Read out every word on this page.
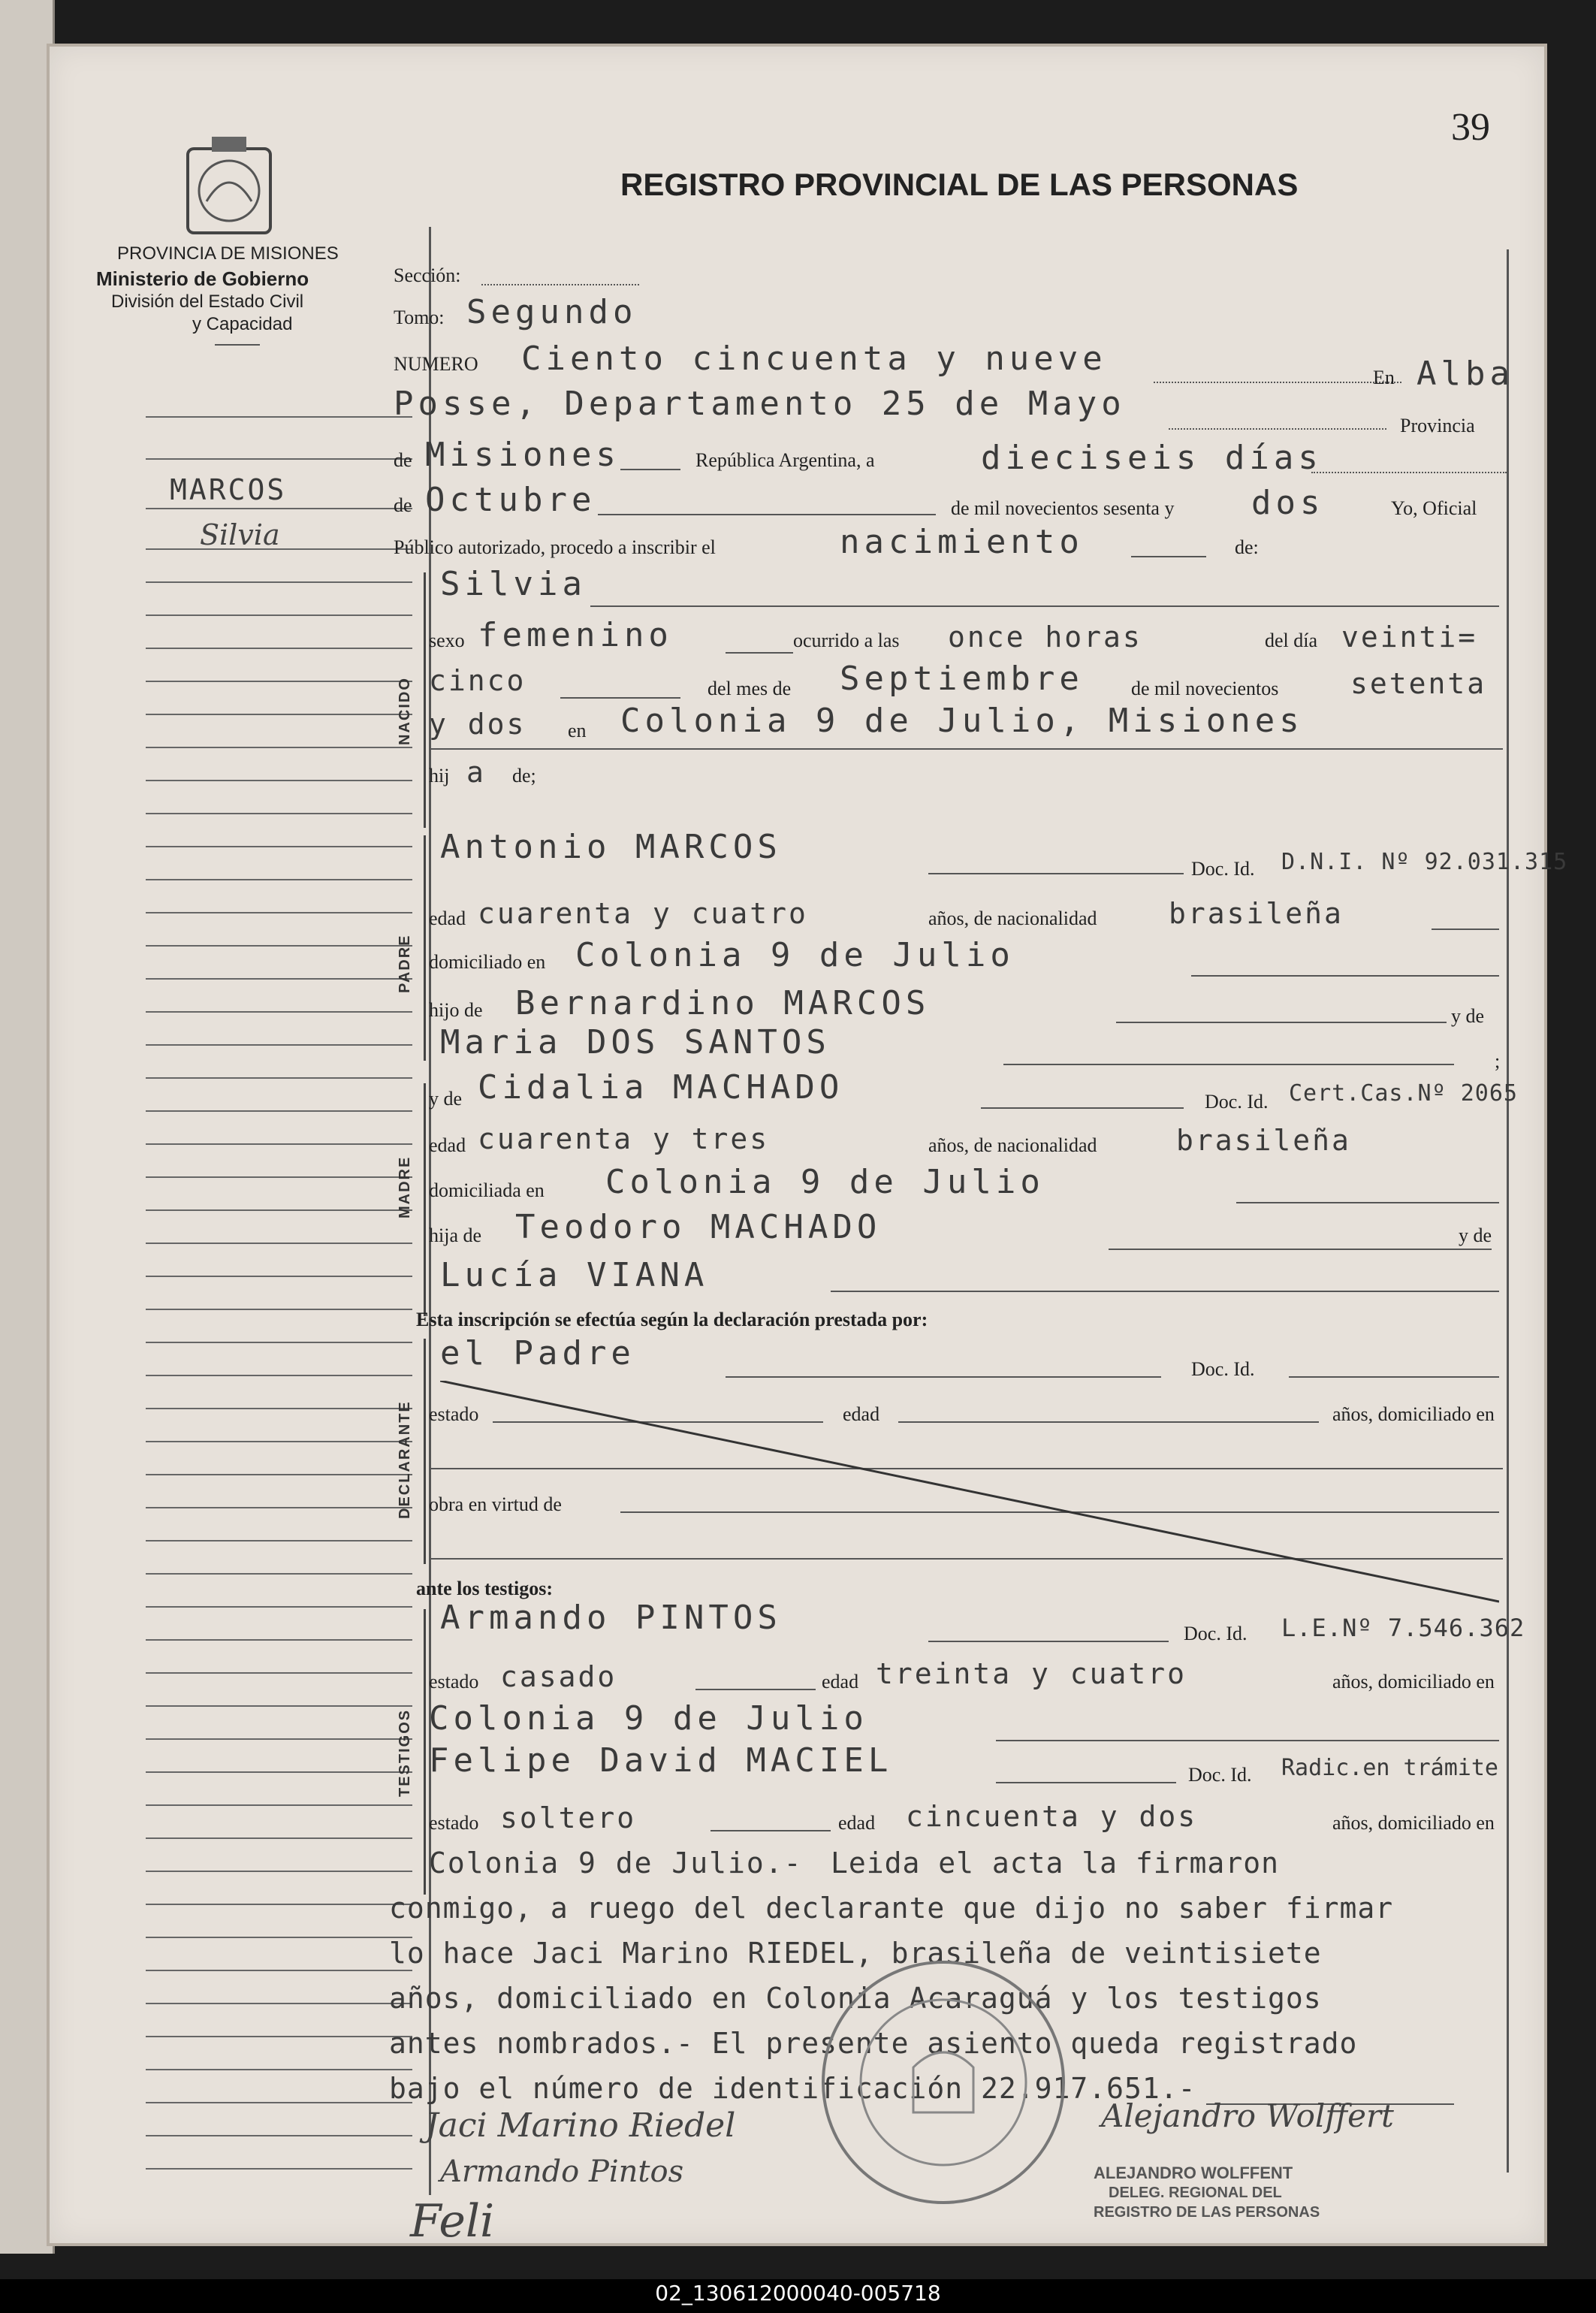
39
PROVINCIA DE MISIONES
Ministerio de Gobierno
División del Estado Civil
y Capacidad
REGISTRO PROVINCIAL DE LAS PERSONAS
MARCOS
Silvia
Sección:
Tomo: Segundo
NUMERO Ciento cincuenta y nueve	En Alba
Posse, Departamento 25 de Mayo
Provincia
de Misiones	República Argentina, a	dieciseis días
de Octubre	de mil novecientos sesenta y dos	Yo, Oficial
Público autorizado, procedo a inscribir el	nacimiento	de:
NACIDO
Silvia
sexo femenino	ocurrido a las once horas	del día veinti=
cinco	del mes de Septiembre de mil novecientos	setenta
y dos en Colonia 9 de Julio, Misiones
hij a de;
PADRE
Antonio MARCOS
Doc. Id. D.N.I. Nº 92.031.315
edad cuarenta y cuatro	años, de nacionalidad	brasileña
domiciliado en Colonia 9 de Julio
hijo de Bernardino MARCOS	y de
Maria DOS SANTOS	;
MADRE
y de Cidalia MACHADO	Doc. Id. Cert.Cas.Nº 2065
edad cuarenta y tres	años, de nacionalidad	brasileña
domiciliada en Colonia 9 de Julio
hija de Teodoro MACHADO	y de
Lucía VIANA
Esta inscripción se efectúa según la declaración prestada por:
DECLARANTE
el Padre	Doc. Id.
estado	edad	años, domiciliado en
obra en virtud de
ante los testigos:
TESTIGOS
Armando PINTOS	Doc. Id. L.E.Nº 7.546.362
estado casado	edad treinta y cuatro	años, domiciliado en
Colonia 9 de Julio
Felipe David MACIEL	Doc. Id. Radic.en trámite
estado soltero	edad cincuenta y dos	años, domiciliado en
Colonia 9 de Julio.- Leida el acta la firmaron
conmigo, a ruego del declarante que dijo no saber firmar
lo hace Jaci Marino RIEDEL, brasileña de veintisiete
años, domiciliado en Colonia Acaraguá y los testigos
antes nombrados.- El presente asiento queda registrado
bajo el número de identificación 22.917.651.-
Jaci Marino Riedel
Armando Pintos
Feli
Alejandro Wolffert
ALEJANDRO WOLFFENT
DELEG. REGIONAL DEL
REGISTRO DE LAS PERSONAS
02_130612000040-005718
